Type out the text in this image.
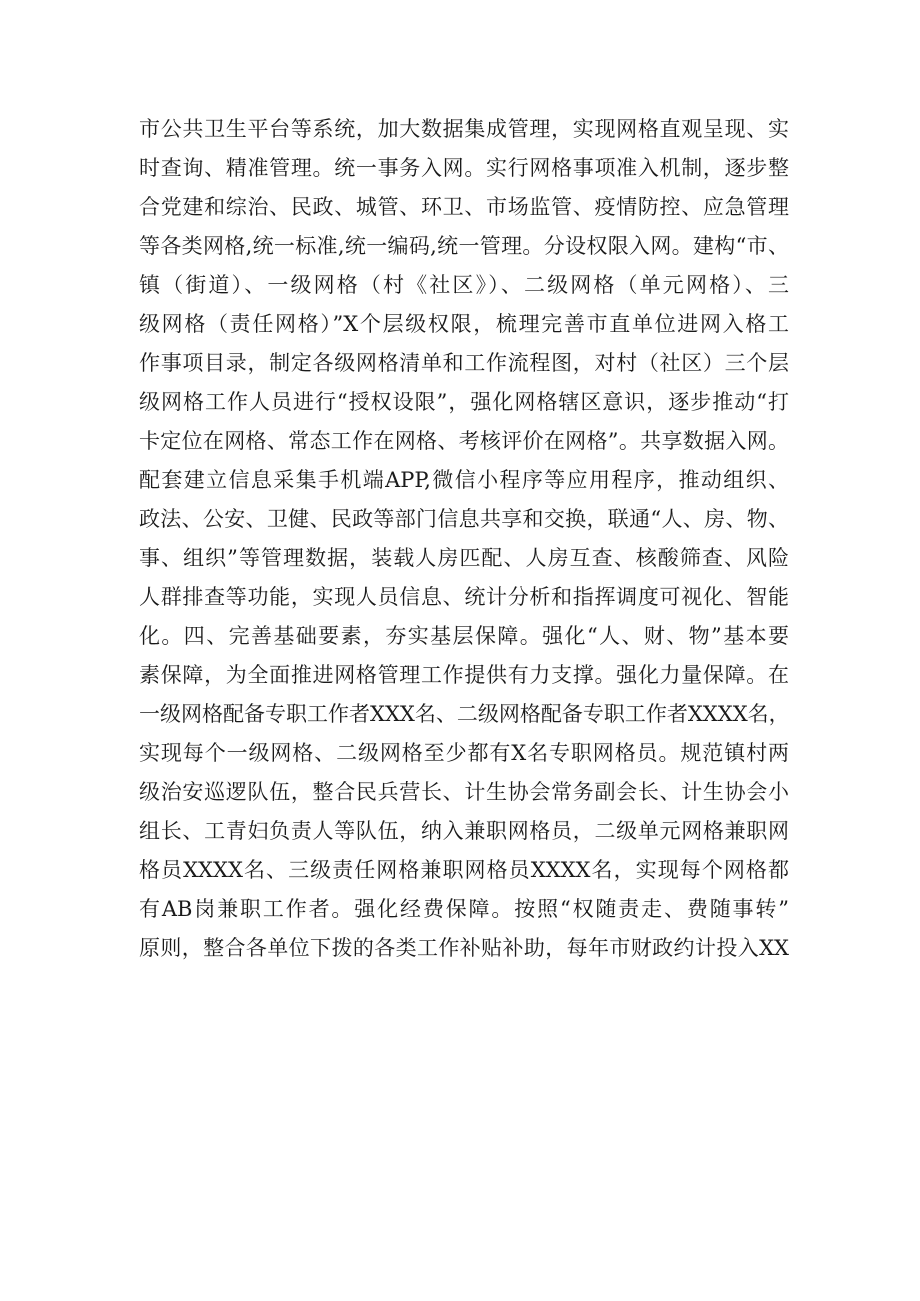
市公共卫生平台等系统，加大数据集成管理，实现网格直观呈现、实
时查询、精准管理。统一事务入网。实行网格事项准入机制，逐步整
合党建和综治、民政、城管、环卫、市场监管、疫情防控、应急管理
等各类网格,统一标准,统一编码,统一管理。分设权限入网。建构“市、
镇（街道）、一级网格（村《社区》）、二级网格（单元网格）、三
级网格（责任网格）”X个层级权限，梳理完善市直单位进网入格工
作事项目录，制定各级网格清单和工作流程图，对村（社区）三个层
级网格工作人员进行“授权设限”，强化网格辖区意识，逐步推动“打
卡定位在网格、常态工作在网格、考核评价在网格”。共享数据入网。
配套建立信息采集手机端APP,微信小程序等应用程序，推动组织、
政法、公安、卫健、民政等部门信息共享和交换，联通“人、房、物、
事、组织”等管理数据，装载人房匹配、人房互查、核酸筛查、风险
人群排查等功能，实现人员信息、统计分析和指挥调度可视化、智能
化。四、完善基础要素，夯实基层保障。强化“人、财、物”基本要
素保障，为全面推进网格管理工作提供有力支撑。强化力量保障。在
一级网格配备专职工作者XXX名、二级网格配备专职工作者XXXX名，
实现每个一级网格、二级网格至少都有X名专职网格员。规范镇村两
级治安巡逻队伍，整合民兵营长、计生协会常务副会长、计生协会小
组长、工青妇负责人等队伍，纳入兼职网格员，二级单元网格兼职网
格员XXXX名、三级责任网格兼职网格员XXXX名，实现每个网格都
有AB岗兼职工作者。强化经费保障。按照“权随责走、费随事转”
原则，整合各单位下拨的各类工作补贴补助，每年市财政约计投入XX
